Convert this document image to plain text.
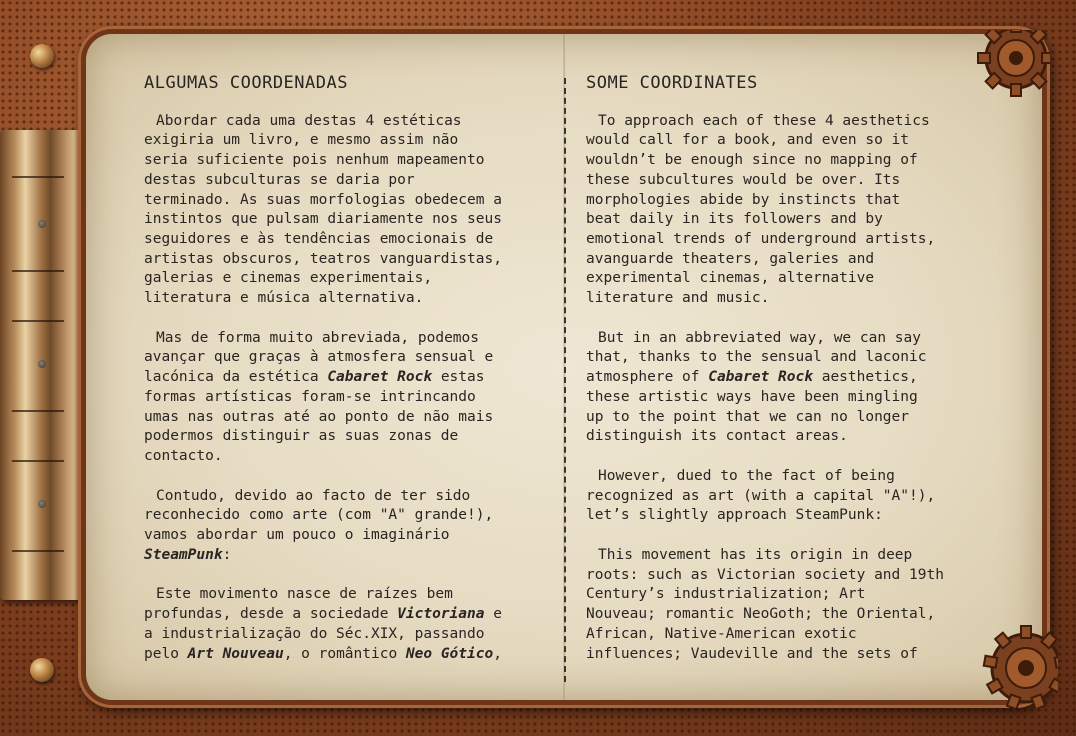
ALGUMAS COORDENADAS
Abordar cada uma destas 4 estéticas
exigiria um livro, e mesmo assim não
seria suficiente pois nenhum mapeamento
destas subculturas se daria por
terminado. As suas morfologias obedecem a
instintos que pulsam diariamente nos seus
seguidores e às tendências emocionais de
artistas obscuros, teatros vanguardistas,
galerias e cinemas experimentais,
literatura e música alternativa.
Mas de forma muito abreviada, podemos
avançar que graças à atmosfera sensual e
lacónica da estética Cabaret Rock estas
formas artísticas foram-se intrincando
umas nas outras até ao ponto de não mais
podermos distinguir as suas zonas de
contacto.
Contudo, devido ao facto de ter sido
reconhecido como arte (com "A" grande!),
vamos abordar um pouco o imaginário
SteamPunk:
Este movimento nasce de raízes bem
profundas, desde a sociedade Victoriana e
a industrialização do Séc.XIX, passando
pelo Art Nouveau, o romântico Neo Gótico,
SOME COORDINATES
To approach each of these 4 aesthetics
would call for a book, and even so it
wouldn’t be enough since no mapping of
these subcultures would be over. Its
morphologies abide by instincts that
beat daily in its followers and by
emotional trends of underground artists,
avanguarde theaters, galeries and
experimental cinemas, alternative
literature and music.
But in an abbreviated way, we can say
that, thanks to the sensual and laconic
atmosphere of Cabaret Rock aesthetics,
these artistic ways have been mingling
up to the point that we can no longer
distinguish its contact areas.
However, dued to the fact of being
recognized as art (with a capital "A"!),
let’s slightly approach SteamPunk:
This movement has its origin in deep
roots: such as Victorian society and 19th
Century’s industrialization; Art
Nouveau; romantic NeoGoth; the Oriental,
African, Native-American exotic
influences; Vaudeville and the sets of
